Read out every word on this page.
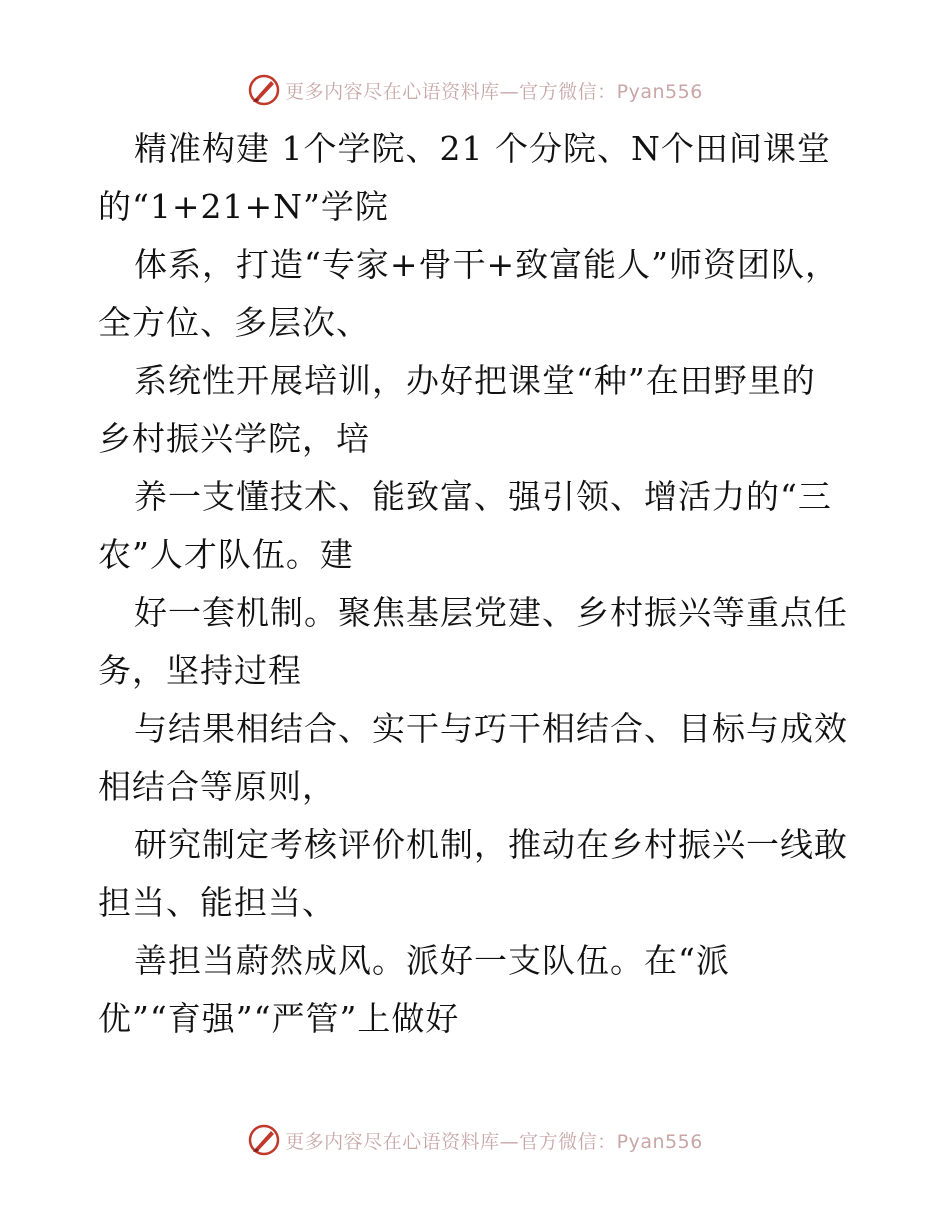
更多内容尽在心语资料库—官方微信：Pyan556
精准构建 1个学院、21 个分院、N个田间课堂
的“1+21+N”学院
体系，打造“专家+骨干+致富能人”师资团队，
全方位、多层次、
系统性开展培训，办好把课堂“种”在田野里的
乡村振兴学院，培
养一支懂技术、能致富、强引领、增活力的“三
农”人才队伍。建
好一套机制。聚焦基层党建、乡村振兴等重点任
务，坚持过程
与结果相结合、实干与巧干相结合、目标与成效
相结合等原则，
研究制定考核评价机制，推动在乡村振兴一线敢
担当、能担当、
善担当蔚然成风。派好一支队伍。在“派
优”“育强”“严管”上做好
更多内容尽在心语资料库—官方微信：Pyan556
